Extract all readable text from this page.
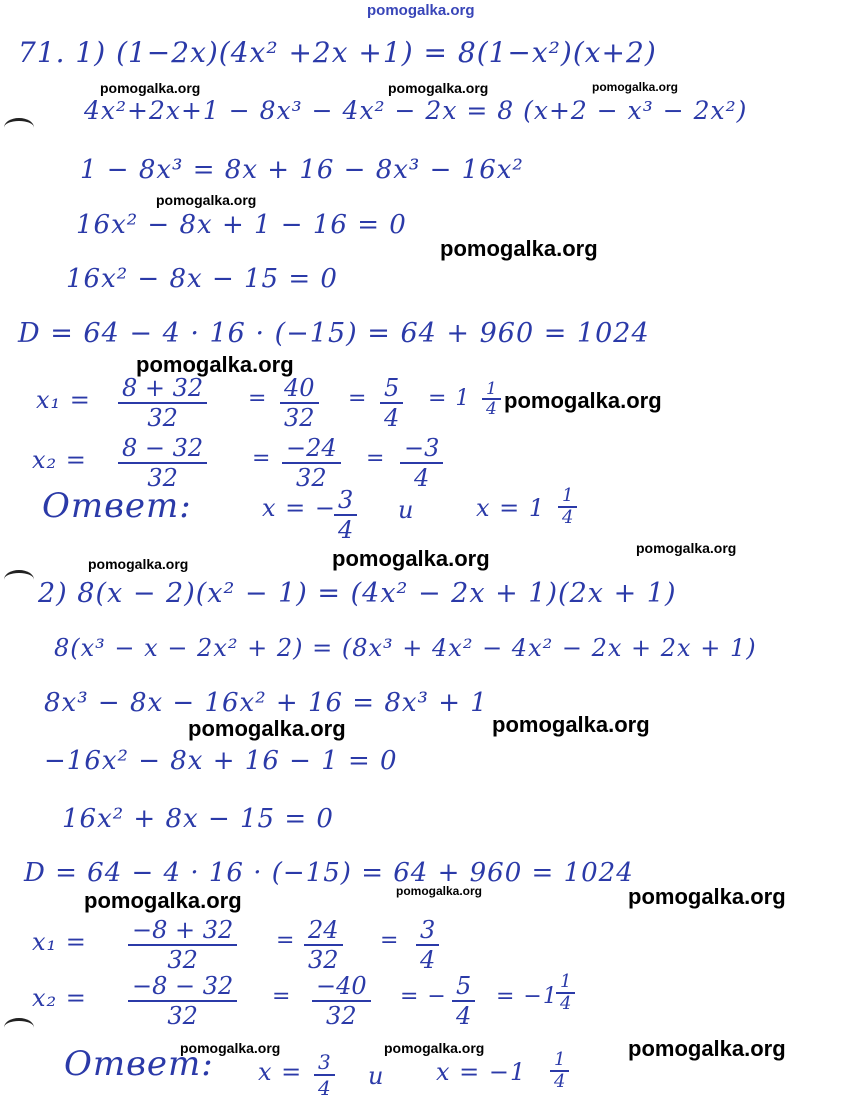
pomogalka.org
71. 1) (1−2x)(4x² +2x +1) = 8(1−x²)(x+2)
pomogalka.org	pomogalka.org	pomogalka.org
4x²+2x+1 − 8x³ − 4x² − 2x = 8 (x+2 − x³ − 2x²)
1 − 8x³ = 8x + 16 − 8x³ − 16x²
pomogalka.org
16x² − 8x + 1 − 16 = 0
pomogalka.org
16x² − 8x − 15 = 0
D = 64 − 4 · 16 · (−15) = 64 + 960 = 1024
pomogalka.org
$x_1 = \frac{8 + 32}{32} = \frac{40}{32} = \frac{5}{4} = 1 \frac{1}{4}$ pomogalka.org
$x_2 = \frac{8 - 32}{32} = \frac{-24}{32} = \frac{-3}{4}$
Ответ:	x = −
$\frac{3}{4}$ и	$x = 1 \frac{1}{4}$
pomogalka.org	pomogalka.org	pomogalka.org
2) 8(x − 2)(x² − 1) = (4x² − 2x + 1)(2x + 1)
8(x³ − x − 2x² + 2) = (8x³ + 4x² − 4x² − 2x + 2x + 1)
8x³ − 8x − 16x² + 16 = 8x³ + 1
pomogalka.org	pomogalka.org
−16x² − 8x + 16 − 1 = 0
16x² + 8x − 15 = 0
D = 64 − 4 · 16 · (−15) = 64 + 960 = 1024
pomogalka.org	pomogalka.org	pomogalka.org
$x_1 = \frac{-8 + 32}{32} = \frac{24}{32} = \frac{3}{4}$
$x_2 = \frac{-8 - 32}{32} = \frac{-40}{32}$ = − $\frac{5}{4} = -1$
$\frac{1}{4}$
pomogalka.org	pomogalka.org	pomogalka.org
Ответ: $x = \frac{3}{4}$ и $x = -1 \frac{1}{4}$
